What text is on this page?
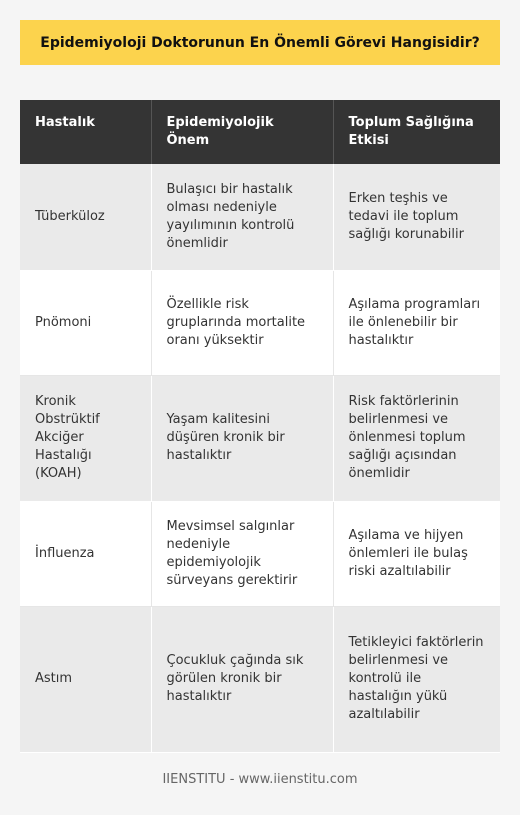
Epidemiyoloji Doktorunun En Önemli Görevi Hangisidir?
Hastalık	Epidemiyolojik Önem	Toplum Sağlığına Etkisi
Tüberküloz	Bulaşıcı bir hastalık olması nedeniyle yayılımının kontrolü önemlidir	Erken teşhis ve tedavi ile toplum sağlığı korunabilir
Pnömoni	Özellikle risk gruplarında mortalite oranı yüksektir	Aşılama programları ile önlenebilir bir hastalıktır
Kronik Obstrüktif Akciğer Hastalığı (KOAH)	Yaşam kalitesini düşüren kronik bir hastalıktır	Risk faktörlerinin belirlenmesi ve önlenmesi toplum sağlığı açısından önemlidir
İnfluenza	Mevsimsel salgınlar nedeniyle epidemiyolojik sürveyans gerektirir	Aşılama ve hijyen önlemleri ile bulaş riski azaltılabilir
Astım	Çocukluk çağında sık görülen kronik bir hastalıktır	Tetikleyici faktörlerin belirlenmesi ve kontrolü ile hastalığın yükü azaltılabilir
IIENSTITU - www.iienstitu.com
